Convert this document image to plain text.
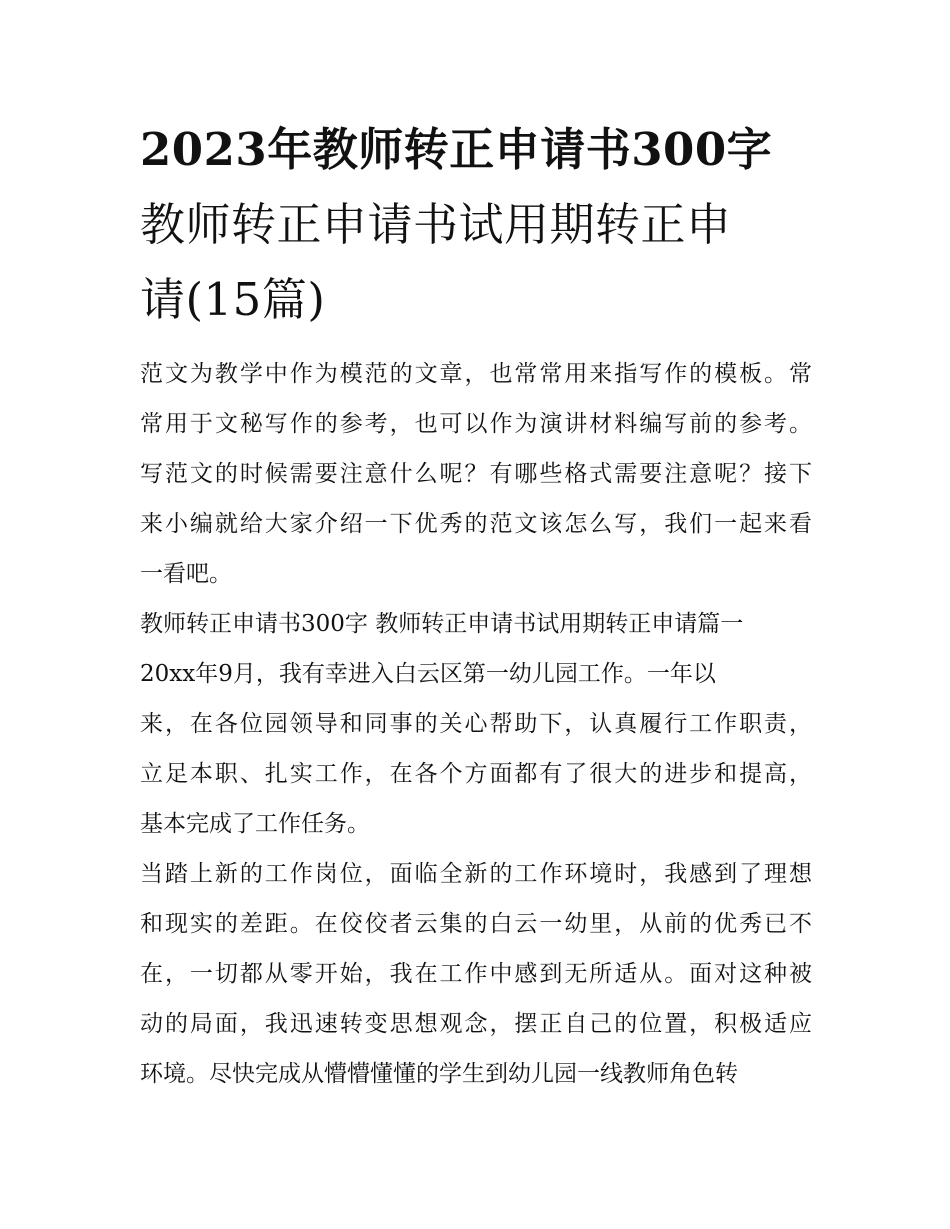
2023年教师转正申请书300字
教师转正申请书试用期转正申
请(15篇)

范文为教学中作为模范的文章，也常常用来指写作的模板。常
常用于文秘写作的参考，也可以作为演讲材料编写前的参考。
写范文的时候需要注意什么呢？有哪些格式需要注意呢？接下
来小编就给大家介绍一下优秀的范文该怎么写，我们一起来看
一看吧。

教师转正申请书300字 教师转正申请书试用期转正申请篇一

20xx年9月，我有幸进入白云区第一幼儿园工作。一年以
来，在各位园领导和同事的关心帮助下，认真履行工作职责，
立足本职、扎实工作，在各个方面都有了很大的进步和提高，
基本完成了工作任务。

当踏上新的工作岗位，面临全新的工作环境时，我感到了理想
和现实的差距。在佼佼者云集的白云一幼里，从前的优秀已不
在，一切都从零开始，我在工作中感到无所适从。面对这种被
动的局面，我迅速转变思想观念，摆正自己的位置，积极适应
环境。尽快完成从懵懵懂懂的学生到幼儿园一线教师角色转
